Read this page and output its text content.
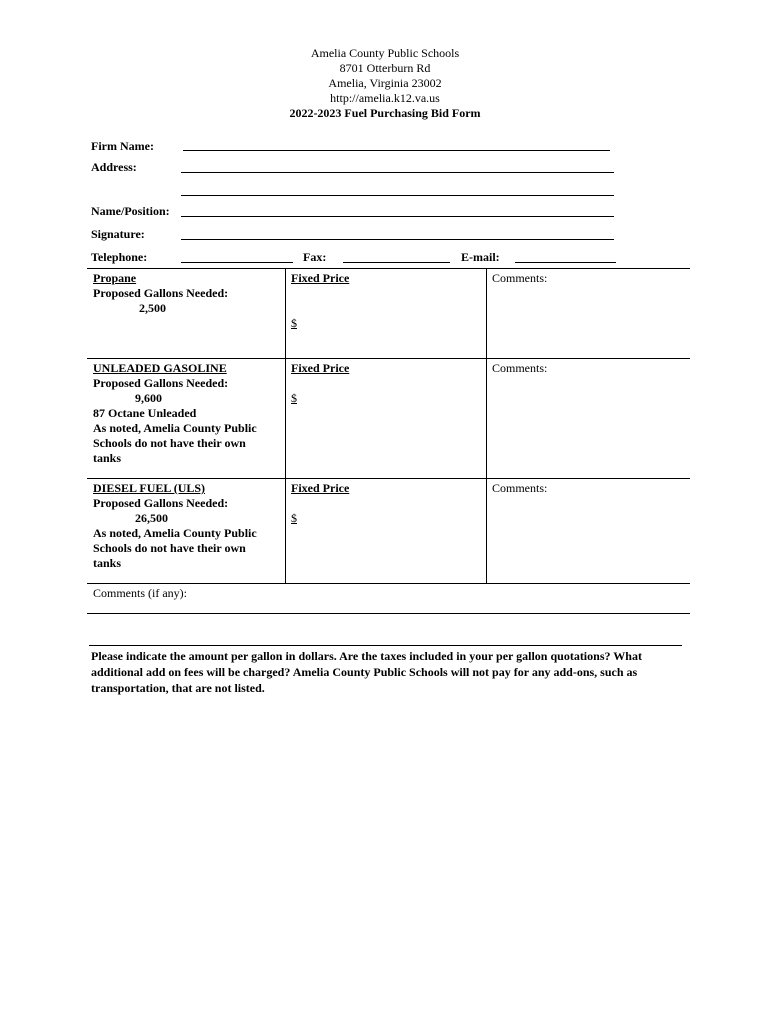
Amelia County Public Schools
8701 Otterburn Rd
Amelia, Virginia 23002
http://amelia.k12.va.us
2022-2023 Fuel Purchasing Bid Form
Firm Name:
Address:
Name/Position:
Signature:
Telephone:	Fax:	E-mail:
Propane
Proposed Gallons Needed:
2,500
Fixed Price
$
Comments:
UNLEADED GASOLINE
Proposed Gallons Needed:
9,600
87 Octane Unleaded
As noted, Amelia County Public
Schools do not have their own
tanks
Fixed Price
$
Comments:
DIESEL FUEL (ULS)
Proposed Gallons Needed:
26,500
As noted, Amelia County Public
Schools do not have their own
tanks
Fixed Price
$
Comments:
Comments (if any):
Please indicate the amount per gallon in dollars. Are the taxes included in your per gallon quotations? What additional add on fees will be charged? Amelia County Public Schools will not pay for any add-ons, such as transportation, that are not listed.
